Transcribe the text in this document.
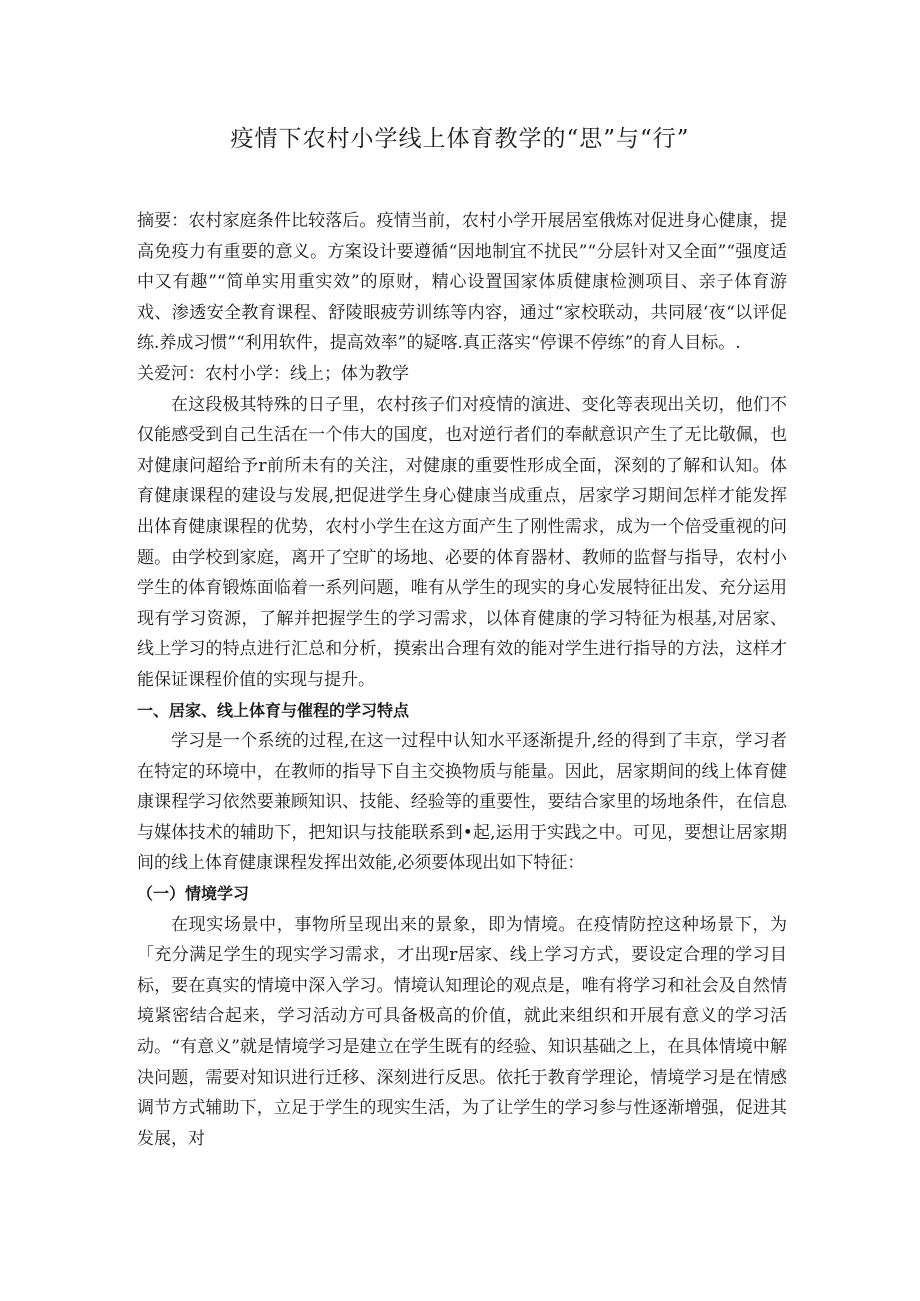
疫情下农村小学线上体育教学的“思”与“行”

摘要：农村家庭条件比较落后。疫情当前，农村小学开展居室俄炼对促进身心健康，提高免疫力有重要的意义。方案设计要遵循“因地制宜不扰民”“分层针对又全面”“强度适中又有趣”“简单实用重实效”的原财，精心设置国家体质健康检测项目、亲子体育游戏、渗透安全教育课程、舒陵眼疲劳训练等内容，通过“家校联动，共同屐‘夜“以评促练.养成习惯”“利用软件，提高效率”的疑喀.真正落实“停课不停练”的育人目标。.

关爱河：农村小学：线上；体为教学

在这段极其特殊的日子里，农村孩子们对疫情的演进、变化等表现出关切，他们不仅能感受到自己生活在一个伟大的国度，也对逆行者们的奉献意识产生了无比敬佩，也对健康问超给予r前所未有的关注，对健康的重要性形成全面，深刻的了解和认知。体育健康课程的建设与发展,把促进学生身心健康当成重点，居家学习期间怎样才能发挥出体育健康课程的优势，农村小学生在这方面产生了刚性需求，成为一个倍受重视的问题。由学校到家庭，离开了空旷的场地、必要的体育器材、教师的监督与指导，农村小学生的体育锻炼面临着一系列问题，唯有从学生的现实的身心发展特征出发、充分运用现有学习资源，了解并把握学生的学习需求，以体育健康的学习特征为根基,对居家、线上学习的特点进行汇总和分析，摸索出合理有效的能对学生进行指导的方法，这样才能保证课程价值的实现与提升。

一、居家、线上体育与催程的学习特点

学习是一个系统的过程,在这一过程中认知水平逐渐提升,经的得到了丰京，学习者在特定的环境中，在教师的指导下自主交换物质与能量。因此，居家期间的线上体育健康课程学习依然要兼顾知识、技能、经验等的重要性，要结合家里的场地条件，在信息与媒体技术的辅助下，把知识与技能联系到•起,运用于实践之中。可见，要想让居家期间的线上体育健康课程发挥出效能,必须要体现出如下特征：

（一）情境学习

在现实场景中，事物所呈现出来的景象，即为情境。在疫情防控这种场景下，为「充分满足学生的现实学习需求，才出现r居家、线上学习方式，要设定合理的学习目标，要在真实的情境中深入学习。情境认知理论的观点是，唯有将学习和社会及自然情境紧密结合起来，学习活动方可具备极高的价值，就此来组织和开展有意义的学习活动。“有意义”就是情境学习是建立在学生既有的经验、知识基础之上，在具体情境中解决问题，需要对知识进行迁移、深刻进行反思。依托于教育学理论，情境学习是在情感调节方式辅助下，立足于学生的现实生活，为了让学生的学习参与性逐渐增强，促进其发展，对
